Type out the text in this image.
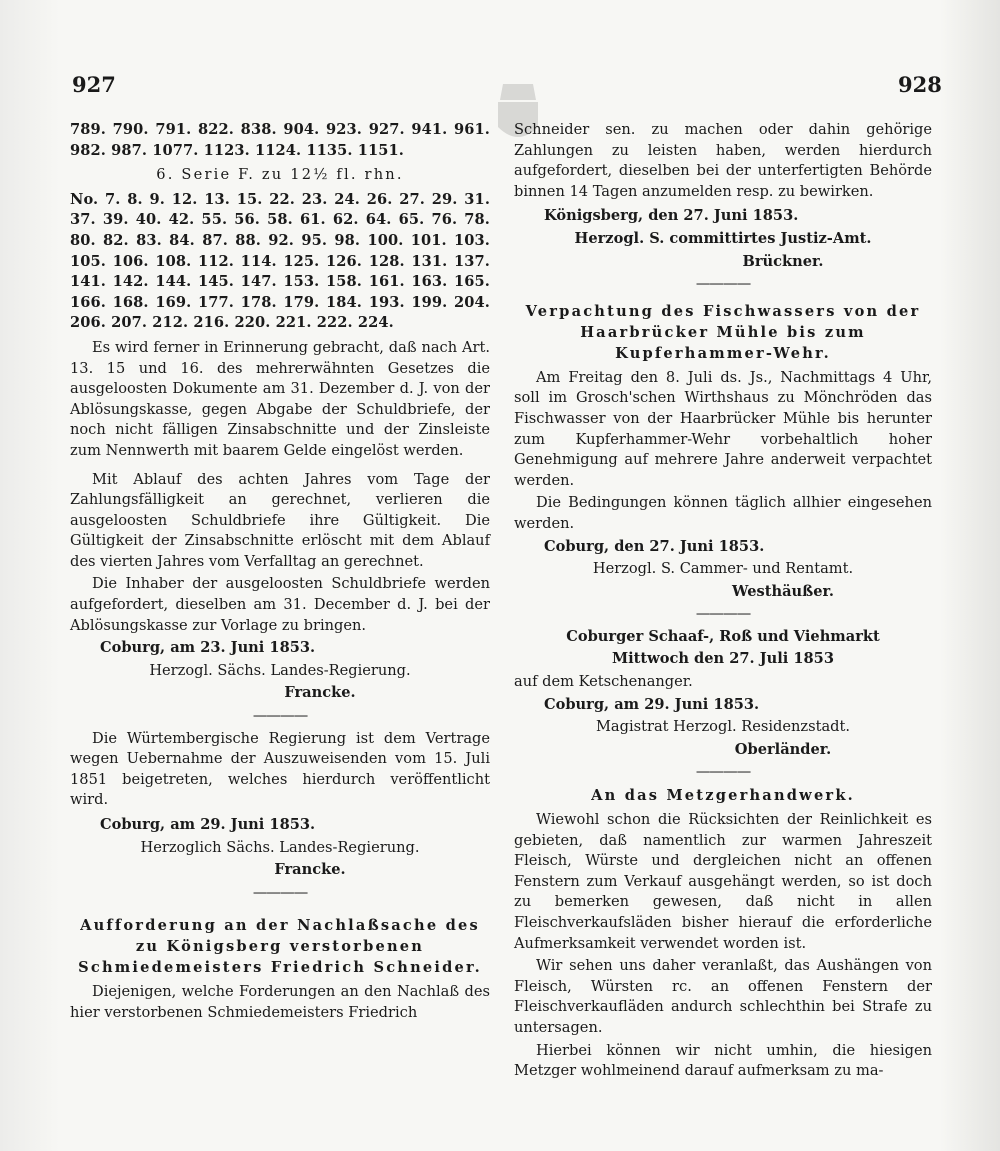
927	928
789. 790. 791. 822. 838. 904. 923. 927. 941. 961. 982. 987. 1077. 1123. 1124. 1135. 1151.
6. Serie F. zu 12½ fl. rhn.
No. 7. 8. 9. 12. 13. 15. 22. 23. 24. 26. 27. 29. 31. 37. 39. 40. 42. 55. 56. 58. 61. 62. 64. 65. 76. 78. 80. 82. 83. 84. 87. 88. 92. 95. 98. 100. 101. 103. 105. 106. 108. 112. 114. 125. 126. 128. 131. 137. 141. 142. 144. 145. 147. 153. 158. 161. 163. 165. 166. 168. 169. 177. 178. 179. 184. 193. 199. 204. 206. 207. 212. 216. 220. 221. 222. 224.
Es wird ferner in Erinnerung gebracht, daß nach Art. 13. 15 und 16. des mehrerwähnten Gesetzes die ausgeloosten Dokumente am 31. Dezember d. J. von der Ablösungskasse, gegen Abgabe der Schuldbriefe, der noch nicht fälligen Zinsabschnitte und der Zinsleiste zum Nennwerth mit baarem Gelde eingelöst werden.
Mit Ablauf des achten Jahres vom Tage der Zahlungsfälligkeit an gerechnet, verlieren die ausgeloosten Schuldbriefe ihre Gültigkeit. Die Gültigkeit der Zinsabschnitte erlöscht mit dem Ablauf des vierten Jahres vom Verfalltag an gerechnet.
Die Inhaber der ausgeloosten Schuldbriefe werden aufgefordert, dieselben am 31. December d. J. bei der Ablösungskasse zur Vorlage zu bringen.
Coburg, am 23. Juni 1853.
Herzogl. Sächs. Landes-Regierung.
Francke.
————
Die Würtembergische Regierung ist dem Vertrage wegen Uebernahme der Auszuweisenden vom 15. Juli 1851 beigetreten, welches hierdurch veröffentlicht wird.
Coburg, am 29. Juni 1853.
Herzoglich Sächs. Landes-Regierung.
Francke.
————
Aufforderung an der Nachlaßsache des zu Königsberg verstorbenen Schmiedemeisters Friedrich Schneider.
Diejenigen, welche Forderungen an den Nachlaß des hier verstorbenen Schmiedemeisters Friedrich
Schneider sen. zu machen oder dahin gehörige Zahlungen zu leisten haben, werden hierdurch aufgefordert, dieselben bei der unterfertigten Behörde binnen 14 Tagen anzumelden resp. zu bewirken.
Königsberg, den 27. Juni 1853.
Herzogl. S. committirtes Justiz-Amt.
Brückner.
————
Verpachtung des Fischwassers von der Haarbrücker Mühle bis zum Kupferhammer-Wehr.
Am Freitag den 8. Juli ds. Js., Nachmittags 4 Uhr, soll im Grosch'schen Wirthshaus zu Mönchröden das Fischwasser von der Haarbrücker Mühle bis herunter zum Kupferhammer-Wehr vorbehaltlich hoher Genehmigung auf mehrere Jahre anderweit verpachtet werden.
Die Bedingungen können täglich allhier eingesehen werden.
Coburg, den 27. Juni 1853.
Herzogl. S. Cammer- und Rentamt.
Westhäußer.
————
Coburger Schaaf-, Roß und Viehmarkt
Mittwoch den 27. Juli 1853
auf dem Ketschenanger.
Coburg, am 29. Juni 1853.
Magistrat Herzogl. Residenzstadt.
Oberländer.
————
An das Metzgerhandwerk.
Wiewohl schon die Rücksichten der Reinlichkeit es gebieten, daß namentlich zur warmen Jahreszeit Fleisch, Würste und dergleichen nicht an offenen Fenstern zum Verkauf ausgehängt werden, so ist doch zu bemerken gewesen, daß nicht in allen Fleischverkaufsläden bisher hierauf die erforderliche Aufmerksamkeit verwendet worden ist.
Wir sehen uns daher veranlaßt, das Aushängen von Fleisch, Würsten rc. an offenen Fenstern der Fleischverkaufläden andurch schlechthin bei Strafe zu untersagen.
Hierbei können wir nicht umhin, die hiesigen Metzger wohlmeinend darauf aufmerksam zu ma-
